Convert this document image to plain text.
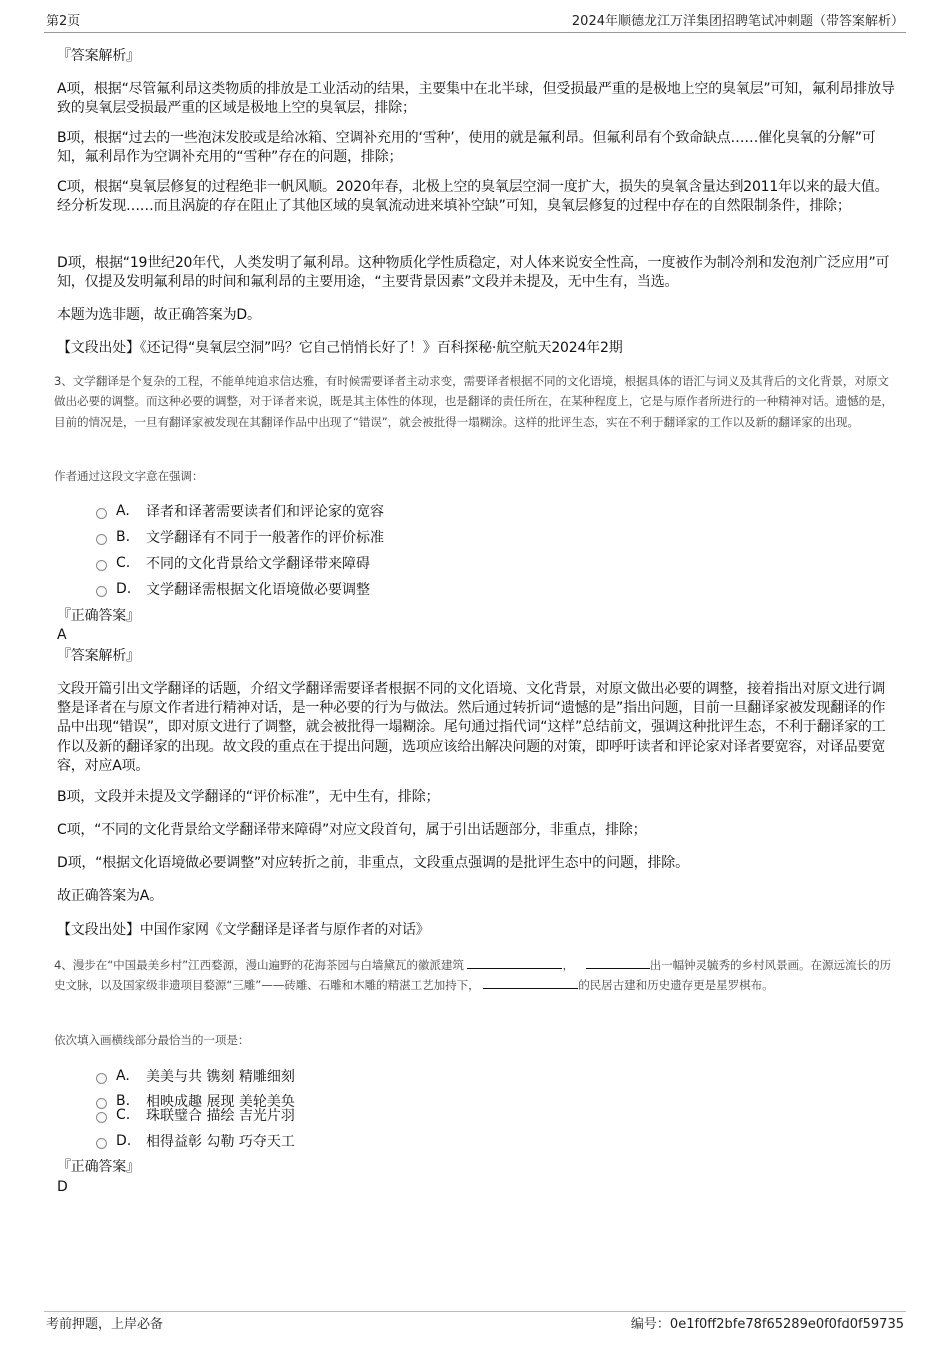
第2页	2024年顺德龙江万洋集团招聘笔试冲刺题（带答案解析）
『答案解析』
A项，根据“尽管氟利昂这类物质的排放是工业活动的结果，主要集中在北半球，但受损最严重的是极地上空的臭氧层”可知，氟利昂排放导致的臭氧层受损最严重的区域是极地上空的臭氧层，排除；
B项，根据“过去的一些泡沫发胶或是给冰箱、空调补充用的‘雪种’，使用的就是氟利昂。但氟利昂有个致命缺点……催化臭氧的分解”可知，氟利昂作为空调补充用的“雪种”存在的问题，排除；
C项，根据“臭氧层修复的过程绝非一帆风顺。2020年春，北极上空的臭氧层空洞一度扩大，损失的臭氧含量达到2011年以来的最大值。经分析发现……而且涡旋的存在阻止了其他区域的臭氧流动进来填补空缺”可知，臭氧层修复的过程中存在的自然限制条件，排除；
D项，根据“19世纪20年代，人类发明了氟利昂。这种物质化学性质稳定，对人体来说安全性高，一度被作为制冷剂和发泡剂广泛应用”可知，仅提及发明氟利昂的时间和氟利昂的主要用途，“主要背景因素”文段并未提及，无中生有，当选。
本题为选非题，故正确答案为D。
【文段出处】《还记得“臭氧层空洞”吗？它自己悄悄长好了！》百科探秘·航空航天2024年2期
3、文学翻译是个复杂的工程，不能单纯追求信达雅，有时候需要译者主动求变，需要译者根据不同的文化语境，根据具体的语汇与词义及其背后的文化背景，对原文做出必要的调整。而这种必要的调整，对于译者来说，既是其主体性的体现，也是翻译的责任所在，在某种程度上，它是与原作者所进行的一种精神对话。遗憾的是，目前的情况是，一旦有翻译家被发现在其翻译作品中出现了“错误”，就会被批得一塌糊涂。这样的批评生态，实在不利于翻译家的工作以及新的翻译家的出现。
作者通过这段文字意在强调：
A.	译者和译著需要读者们和评论家的宽容
B.	文学翻译有不同于一般著作的评价标准
C.	不同的文化背景给文学翻译带来障碍
D.	文学翻译需根据文化语境做必要调整
『正确答案』
A
『答案解析』
文段开篇引出文学翻译的话题，介绍文学翻译需要译者根据不同的文化语境、文化背景，对原文做出必要的调整，接着指出对原文进行调整是译者在与原文作者进行精神对话，是一种必要的行为与做法。然后通过转折词“遗憾的是”指出问题，目前一旦翻译家被发现翻译的作品中出现“错误”，即对原文进行了调整，就会被批得一塌糊涂。尾句通过指代词“这样”总结前文，强调这种批评生态，不利于翻译家的工作以及新的翻译家的出现。故文段的重点在于提出问题，选项应该给出解决问题的对策，即呼吁读者和评论家对译者要宽容，对译品要宽容，对应A项。
B项，文段并未提及文学翻译的“评价标准”，无中生有，排除；
C项，“不同的文化背景给文学翻译带来障碍”对应文段首句，属于引出话题部分，非重点，排除；
D项，“根据文化语境做必要调整”对应转折之前，非重点，文段重点强调的是批评生态中的问题，排除。
故正确答案为A。
【文段出处】中国作家网《文学翻译是译者与原作者的对话》
4、漫步在“中国最美乡村”江西婺源，漫山遍野的花海茶园与白墙黛瓦的徽派建筑	，	出一幅钟灵毓秀的乡村风景画。在源远流长的历史文脉，以及国家级非遗项目婺源“三雕”——砖雕、石雕和木雕的精湛工艺加持下，	的民居古建和历史遗存更是星罗棋布。
依次填入画横线部分最恰当的一项是：
A.	美美与共 镌刻 精雕细刻
B.	相映成趣 展现 美轮美奂
C.	珠联璧合 描绘 吉光片羽
D.	相得益彰 勾勒 巧夺天工
『正确答案』
D
考前押题，上岸必备	编号：0e1f0ff2bfe78f65289e0f0fd0f59735
